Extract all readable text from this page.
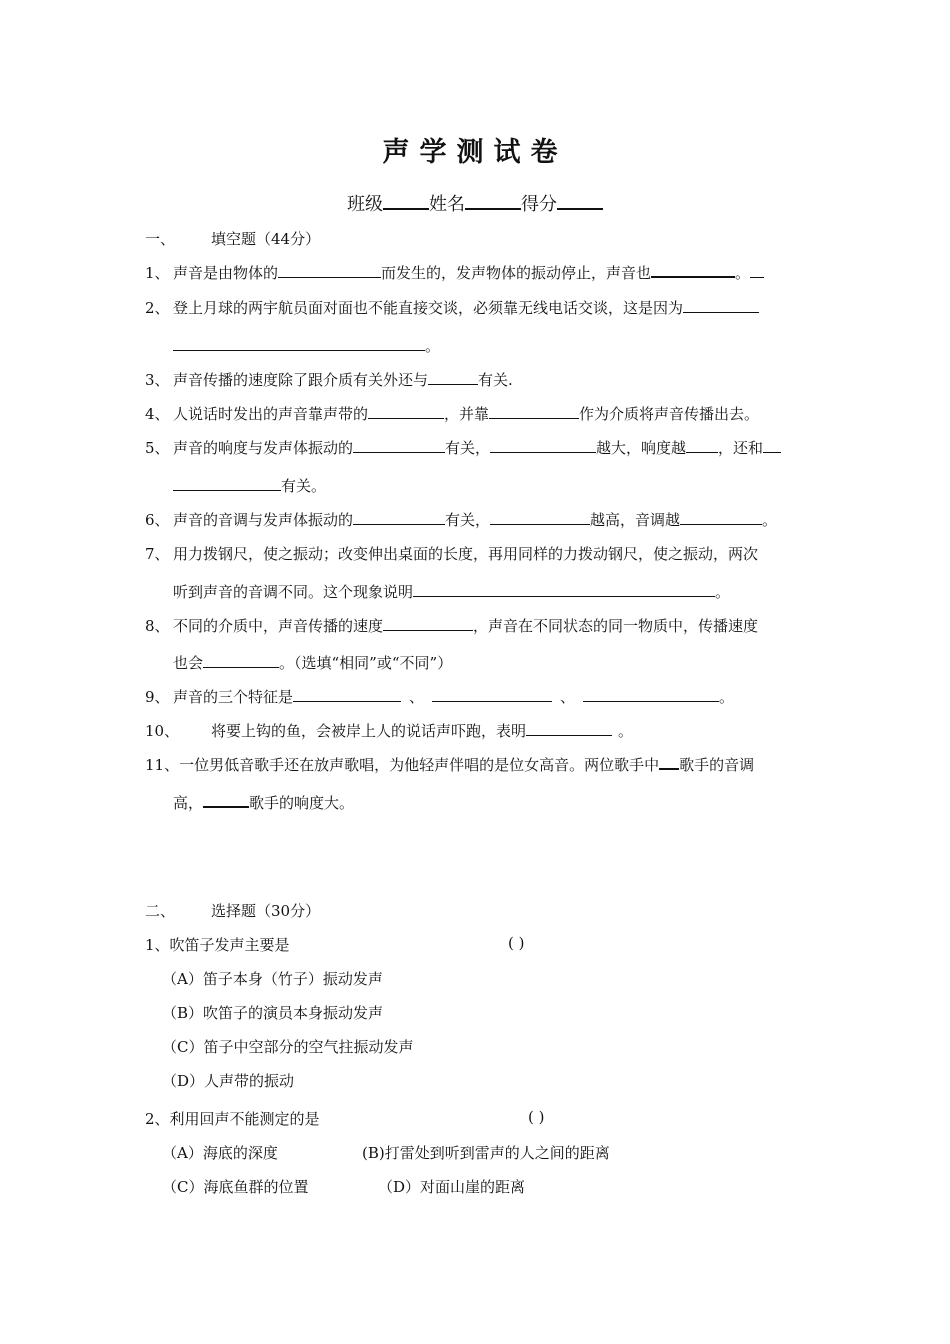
声学测试卷
班级	姓名	得分
一、 填空题（44分）
1、 声音是由物体的	而发生的，发声物体的振动停止，声音也	。
2、 登上月球的两宇航员面对面也不能直接交谈，必须靠无线电话交谈，这是因为
。
3、 声音传播的速度除了跟介质有关外还与	有关.
4、 人说话时发出的声音靠声带的	，并靠	作为介质将声音传播出去。
5、 声音的响度与发声体振动的	有关，	越大，响度越 ，还和
有关。
6、 声音的音调与发声体振动的	有关，	越高，音调越	。
7、 用力拨钢尺，使之振动；改变伸出桌面的长度，再用同样的力拨动钢尺，使之振动，两次
听到声音的音调不同。这个现象说明	。
8、 不同的介质中，声音传播的速度	，声音在不同状态的同一物质中，传播速度
也会	。（选填“相同”或“不同”）
9、 声音的三个特征是	、	、	。
10、 将要上钩的鱼，会被岸上人的说话声吓跑，表明	。
11、一位男低音歌手还在放声歌唱，为他轻声伴唱的是位女高音。两位歌手中 歌手的音调
高，	歌手的响度大。
二、 选择题（30分）
1、吹笛子发声主要是	( )
（A）笛子本身（竹子）振动发声
（B）吹笛子的演员本身振动发声
（C）笛子中空部分的空气拄振动发声
（D）人声带的振动
2、利用回声不能测定的是	( )
（A）海底的深度	(B)打雷处到听到雷声的人之间的距离
（C）海底鱼群的位置	（D）对面山崖的距离
